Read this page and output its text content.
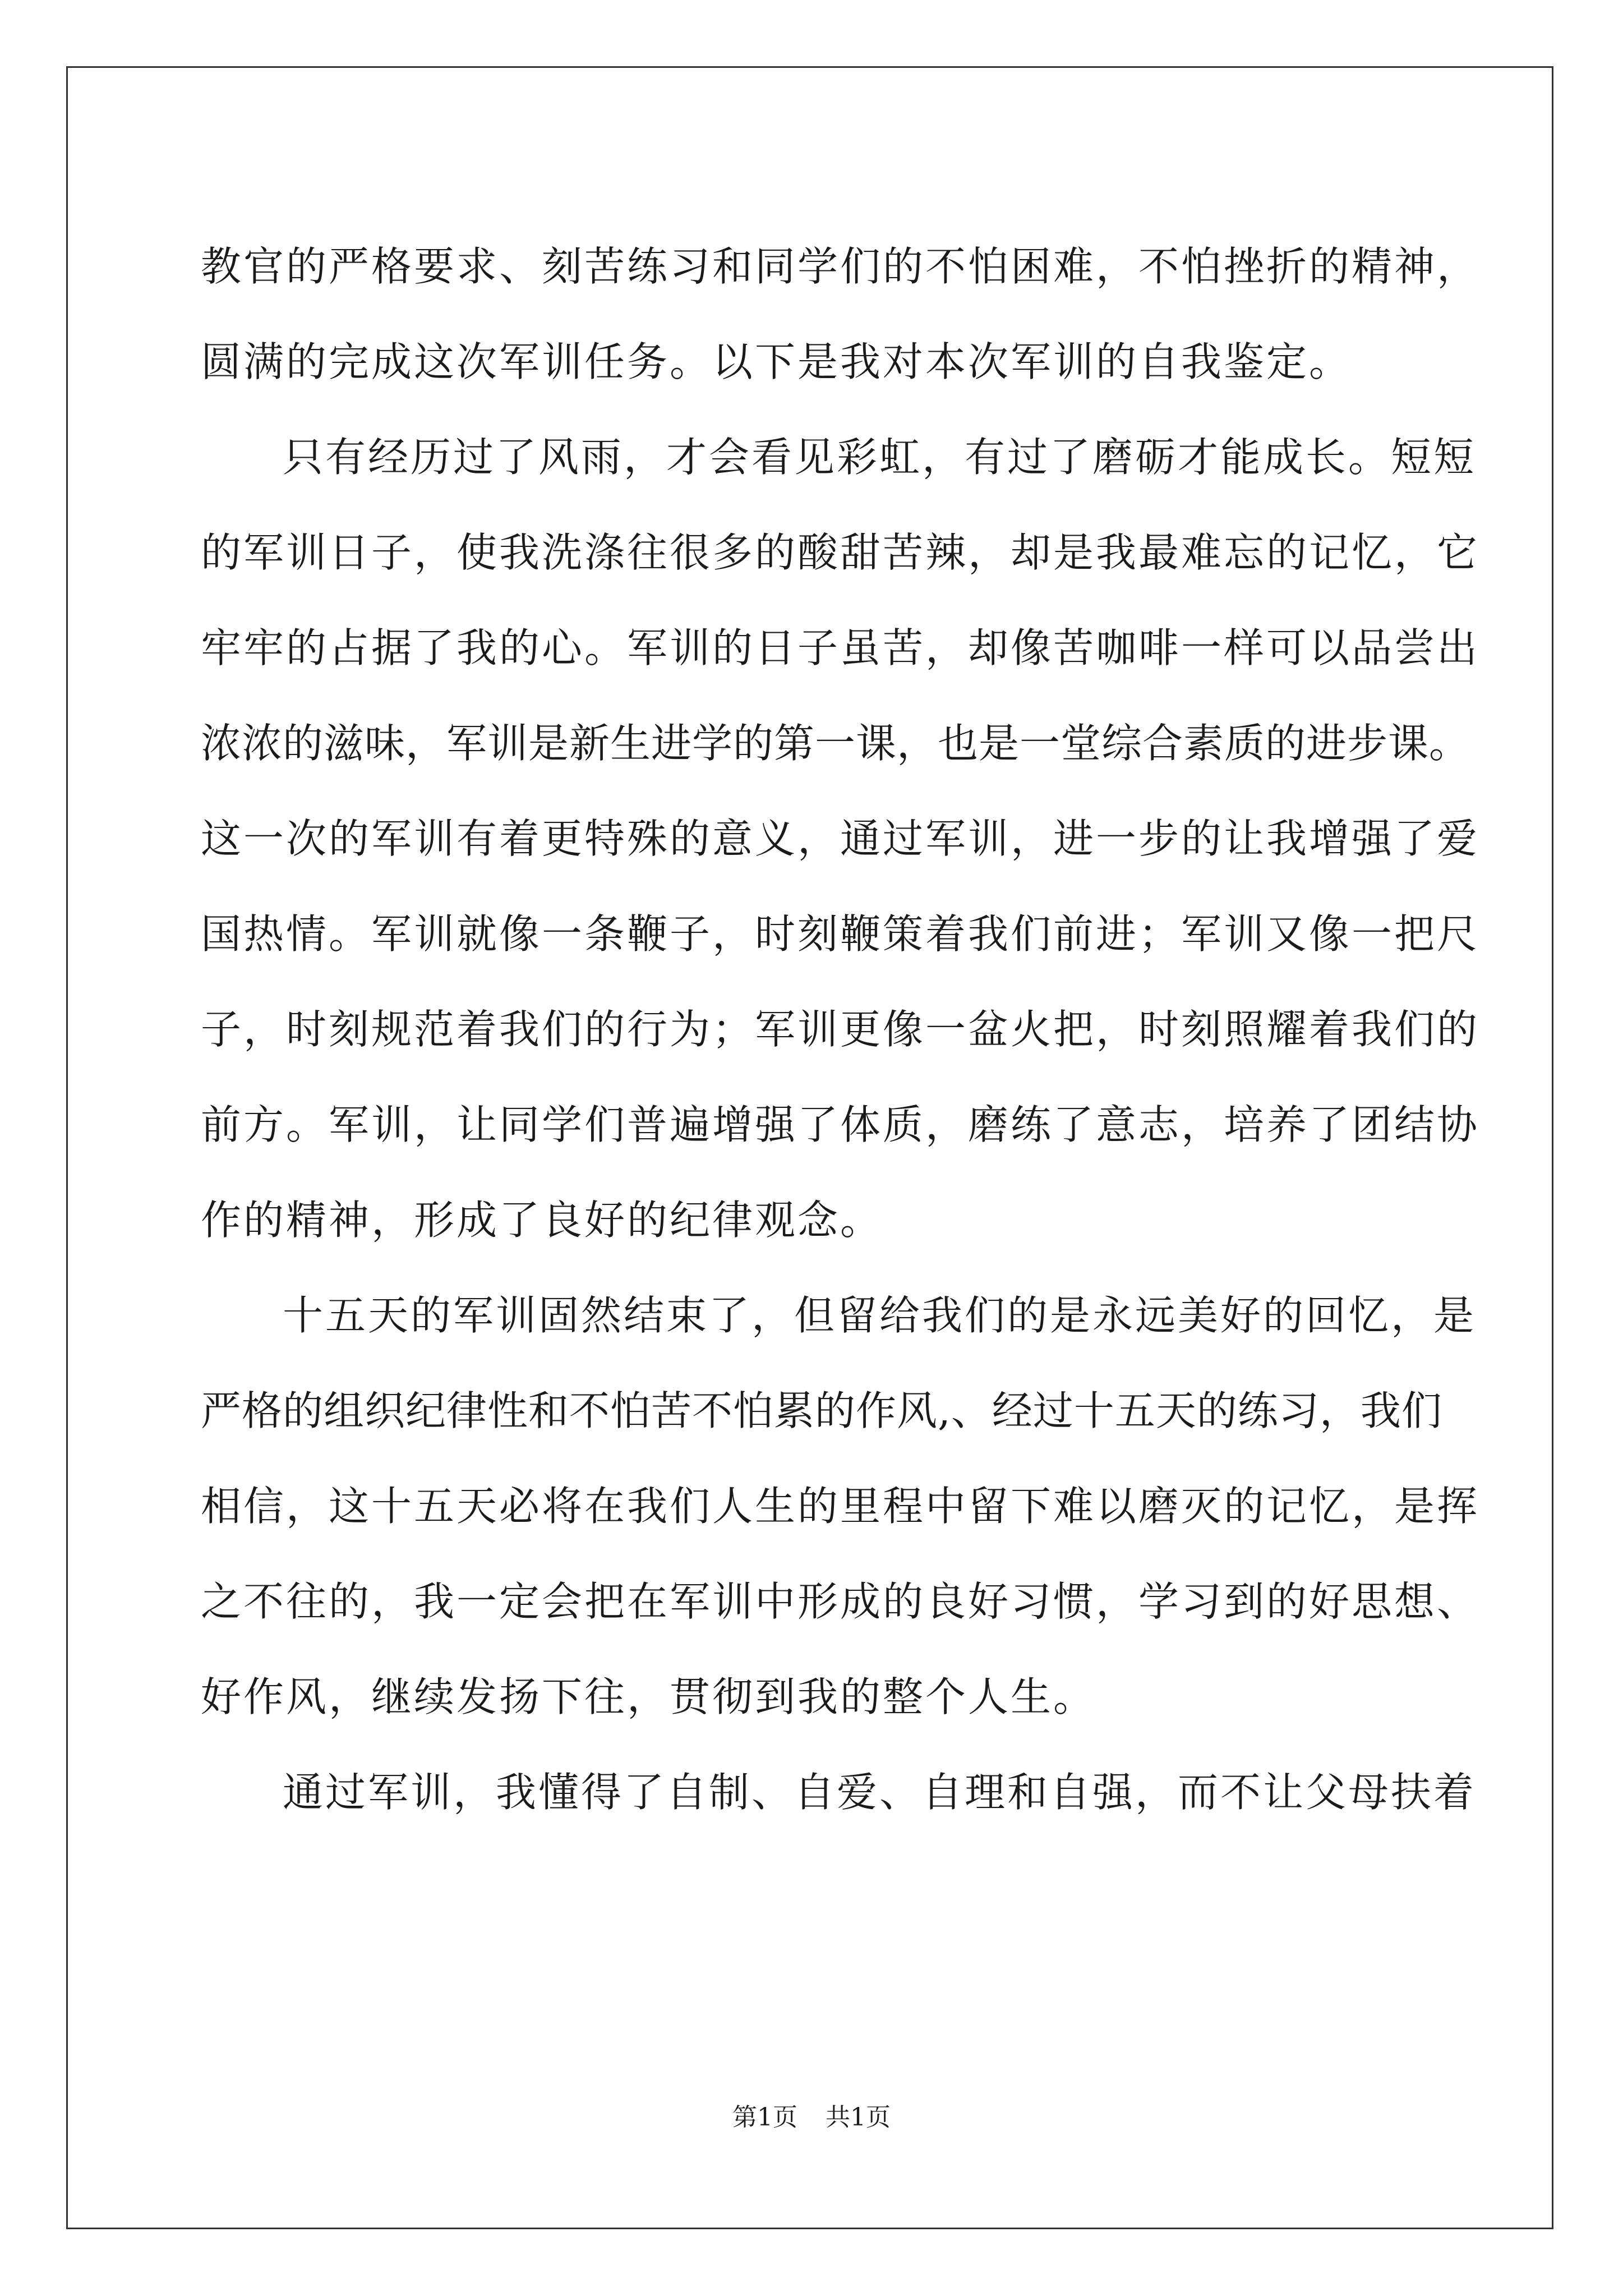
教官的严格要求、刻苦练习和同学们的不怕困难，不怕挫折的精神，
圆满的完成这次军训任务。以下是我对本次军训的自我鉴定。
只有经历过了风雨，才会看见彩虹，有过了磨砺才能成长。短短
的军训日子，使我洗涤往很多的酸甜苦辣，却是我最难忘的记忆，它
牢牢的占据了我的心。军训的日子虽苦，却像苦咖啡一样可以品尝出
浓浓的滋味，军训是新生进学的第一课，也是一堂综合素质的进步课。
这一次的军训有着更特殊的意义，通过军训，进一步的让我增强了爱
国热情。军训就像一条鞭子，时刻鞭策着我们前进；军训又像一把尺
子，时刻规范着我们的行为；军训更像一盆火把，时刻照耀着我们的
前方。军训，让同学们普遍增强了体质，磨练了意志，培养了团结协
作的精神，形成了良好的纪律观念。
十五天的军训固然结束了，但留给我们的是永远美好的回忆，是
严格的组织纪律性和不怕苦不怕累的作风,、经过十五天的练习，我们
相信，这十五天必将在我们人生的里程中留下难以磨灭的记忆，是挥
之不往的，我一定会把在军训中形成的良好习惯，学习到的好思想、
好作风，继续发扬下往，贯彻到我的整个人生。
通过军训，我懂得了自制、自爱、自理和自强，而不让父母扶着
第1页 共1页
